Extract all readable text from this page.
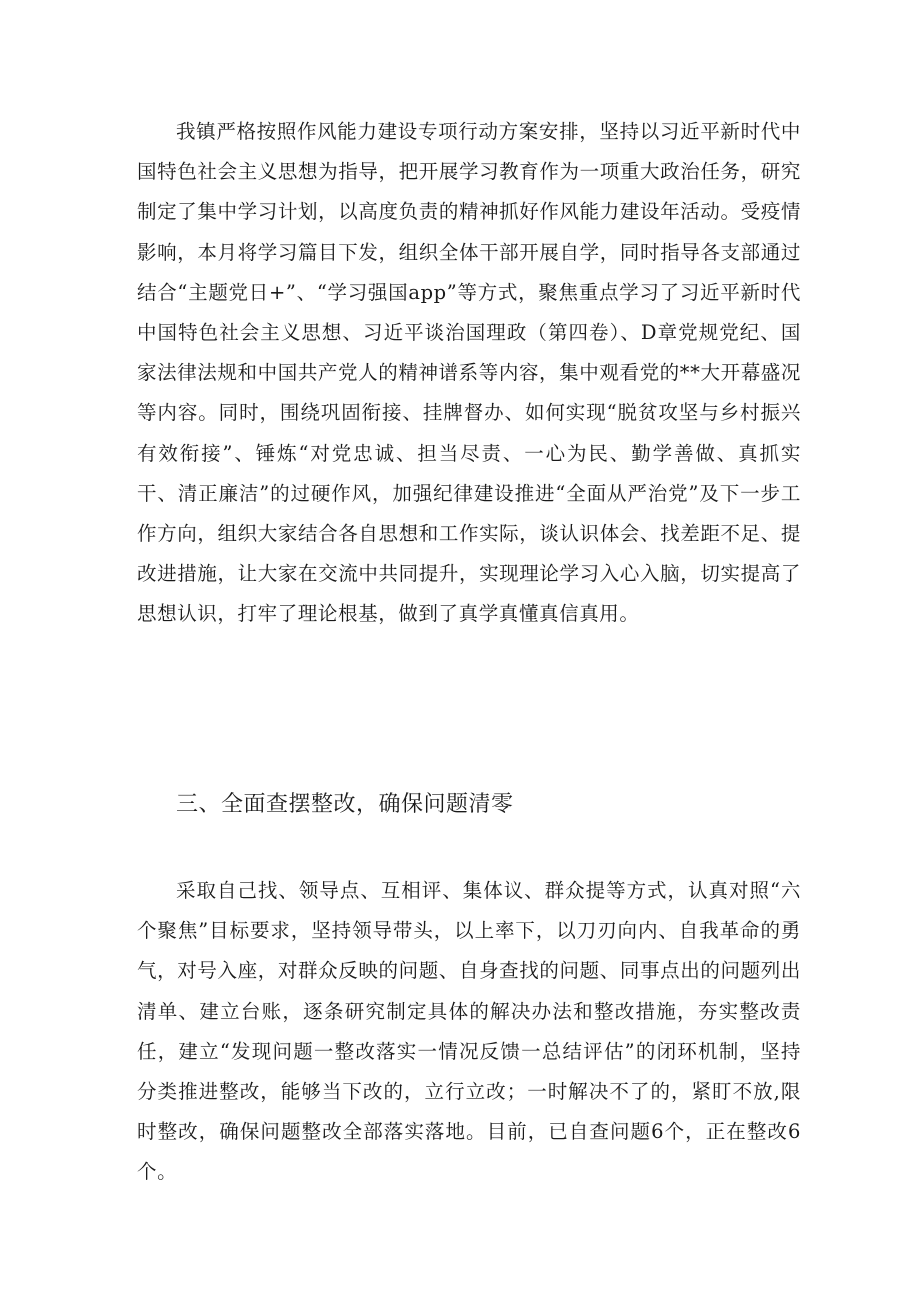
我镇严格按照作风能力建设专项行动方案安排，坚持以习近平新时代中国特色社会主义思想为指导，把开展学习教育作为一项重大政治任务，研究制定了集中学习计划，以高度负责的精神抓好作风能力建设年活动。受疫情影响，本月将学习篇目下发，组织全体干部开展自学，同时指导各支部通过结合“主题党日+”、“学习强国app”等方式，聚焦重点学习了习近平新时代中国特色社会主义思想、习近平谈治国理政（第四卷）、D章党规党纪、国家法律法规和中国共产党人的精神谱系等内容，集中观看党的**大开幕盛况等内容。同时，围绕巩固衔接、挂牌督办、如何实现“脱贫攻坚与乡村振兴有效衔接”、锤炼“对党忠诚、担当尽责、一心为民、勤学善做、真抓实干、清正廉洁”的过硬作风，加强纪律建设推进“全面从严治党”及下一步工作方向，组织大家结合各自思想和工作实际，谈认识体会、找差距不足、提改进措施，让大家在交流中共同提升，实现理论学习入心入脑，切实提高了思想认识，打牢了理论根基，做到了真学真懂真信真用。

三、全面查摆整改，确保问题清零

采取自己找、领导点、互相评、集体议、群众提等方式，认真对照“六个聚焦”目标要求，坚持领导带头，以上率下，以刀刃向内、自我革命的勇气，对号入座，对群众反映的问题、自身查找的问题、同事点出的问题列出清单、建立台账，逐条研究制定具体的解决办法和整改措施，夯实整改责任，建立“发现问题一整改落实一情况反馈一总结评估”的闭环机制，坚持分类推进整改，能够当下改的，立行立改；一时解决不了的，紧盯不放,限时整改，确保问题整改全部落实落地。目前，已自查问题6个，正在整改6个。
